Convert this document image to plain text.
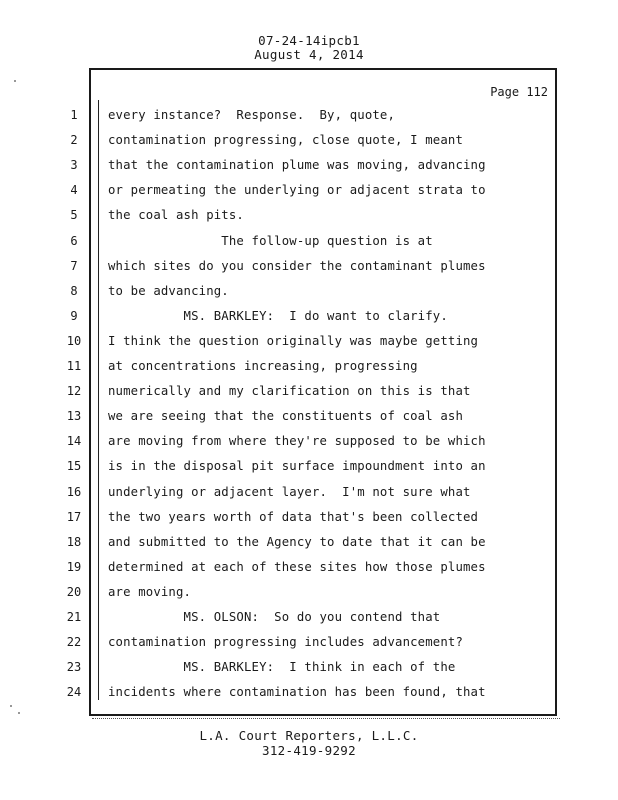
07-24-14ipcb1
August 4, 2014
Page 112
1	every instance?  Response.  By, quote,
2	contamination progressing, close quote, I meant
3	that the contamination plume was moving, advancing
4	or permeating the underlying or adjacent strata to
5	the coal ash pits.
6	The follow-up question is at
7	which sites do you consider the contaminant plumes
8	to be advancing.
9	MS. BARKLEY:  I do want to clarify.
10 I think the question originally was maybe getting
11 at concentrations increasing, progressing
12 numerically and my clarification on this is that
13 we are seeing that the constituents of coal ash
14 are moving from where they're supposed to be which
15 is in the disposal pit surface impoundment into an
16 underlying or adjacent layer.  I'm not sure what
17 the two years worth of data that's been collected
18 and submitted to the Agency to date that it can be
19 determined at each of these sites how those plumes
20 are moving.
21 MS. OLSON:  So do you contend that
22 contamination progressing includes advancement?
23 MS. BARKLEY:  I think in each of the
24 incidents where contamination has been found, that
L.A. Court Reporters, L.L.C.
312-419-9292
